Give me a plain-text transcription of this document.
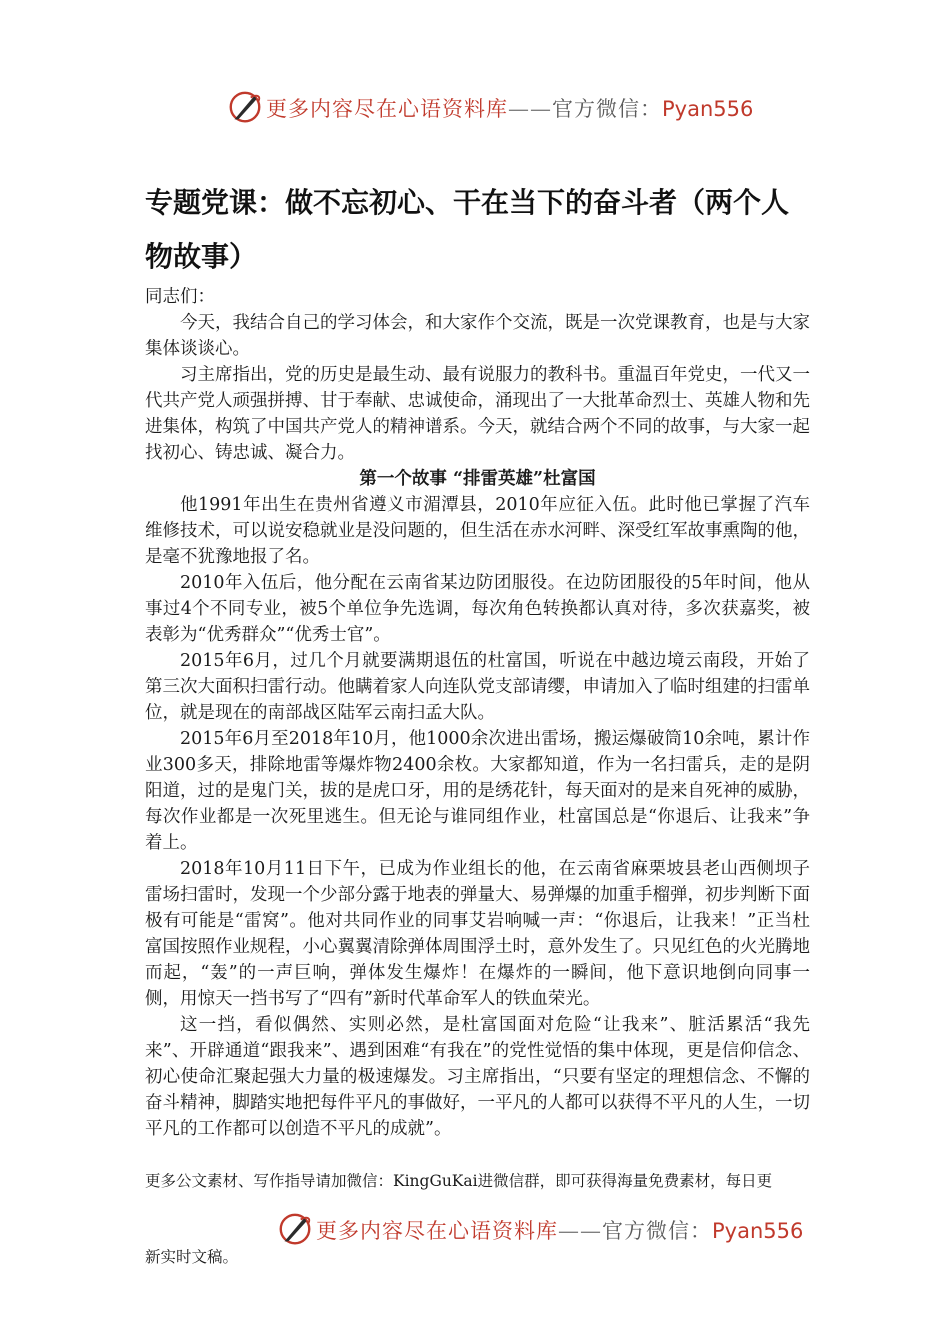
更多内容尽在心语资料库——官方微信：Pyan556
专题党课：做不忘初心、干在当下的奋斗者（两个人物故事）

同志们：

今天，我结合自己的学习体会，和大家作个交流，既是一次党课教育，也是与大家集体谈谈心。

习主席指出，党的历史是最生动、最有说服力的教科书。重温百年党史，一代又一代共产党人顽强拼搏、甘于奉献、忠诚使命，涌现出了一大批革命烈士、英雄人物和先进集体，构筑了中国共产党人的精神谱系。今天，就结合两个不同的故事，与大家一起找初心、铸忠诚、凝合力。

第一个故事 “排雷英雄”杜富国

他1991年出生在贵州省遵义市湄潭县，2010年应征入伍。此时他已掌握了汽车维修技术，可以说安稳就业是没问题的，但生活在赤水河畔、深受红军故事熏陶的他，是毫不犹豫地报了名。

2010年入伍后，他分配在云南省某边防团服役。在边防团服役的5年时间，他从事过4个不同专业，被5个单位争先选调，每次角色转换都认真对待，多次获嘉奖，被表彰为“优秀群众”“优秀士官”。

2015年6月，过几个月就要满期退伍的杜富国，听说在中越边境云南段，开始了第三次大面积扫雷行动。他瞒着家人向连队党支部请缨，申请加入了临时组建的扫雷单位，就是现在的南部战区陆军云南扫孟大队。

2015年6月至2018年10月，他1000余次进出雷场，搬运爆破筒10余吨，累计作业300多天，排除地雷等爆炸物2400余枚。大家都知道，作为一名扫雷兵，走的是阴阳道，过的是鬼门关，拔的是虎口牙，用的是绣花针，每天面对的是来自死神的威胁，每次作业都是一次死里逃生。但无论与谁同组作业，杜富国总是“你退后、让我来”争着上。

2018年10月11日下午，已成为作业组长的他，在云南省麻栗坡县老山西侧坝子雷场扫雷时，发现一个少部分露于地表的弹量大、易弹爆的加重手榴弹，初步判断下面极有可能是“雷窝”。他对共同作业的同事艾岩响喊一声：“你退后，让我来！”正当杜富国按照作业规程，小心翼翼清除弹体周围浮土时，意外发生了。只见红色的火光腾地而起，“轰”的一声巨响，弹体发生爆炸！在爆炸的一瞬间，他下意识地倒向同事一侧，用惊天一挡书写了“四有”新时代革命军人的铁血荣光。

这一挡，看似偶然、实则必然，是杜富国面对危险“让我来”、脏活累活“我先来”、开辟通道“跟我来”、遇到困难“有我在”的党性觉悟的集中体现，更是信仰信念、初心使命汇聚起强大力量的极速爆发。习主席指出，“只要有坚定的理想信念、不懈的奋斗精神，脚踏实地把每件平凡的事做好，一平凡的人都可以获得不平凡的人生，一切平凡的工作都可以创造不平凡的成就”。

更多公文素材、写作指导请加微信：KingGuKai进微信群，即可获得海量免费素材，每日更

更多内容尽在心语资料库——官方微信：Pyan556

新实时文稿。
